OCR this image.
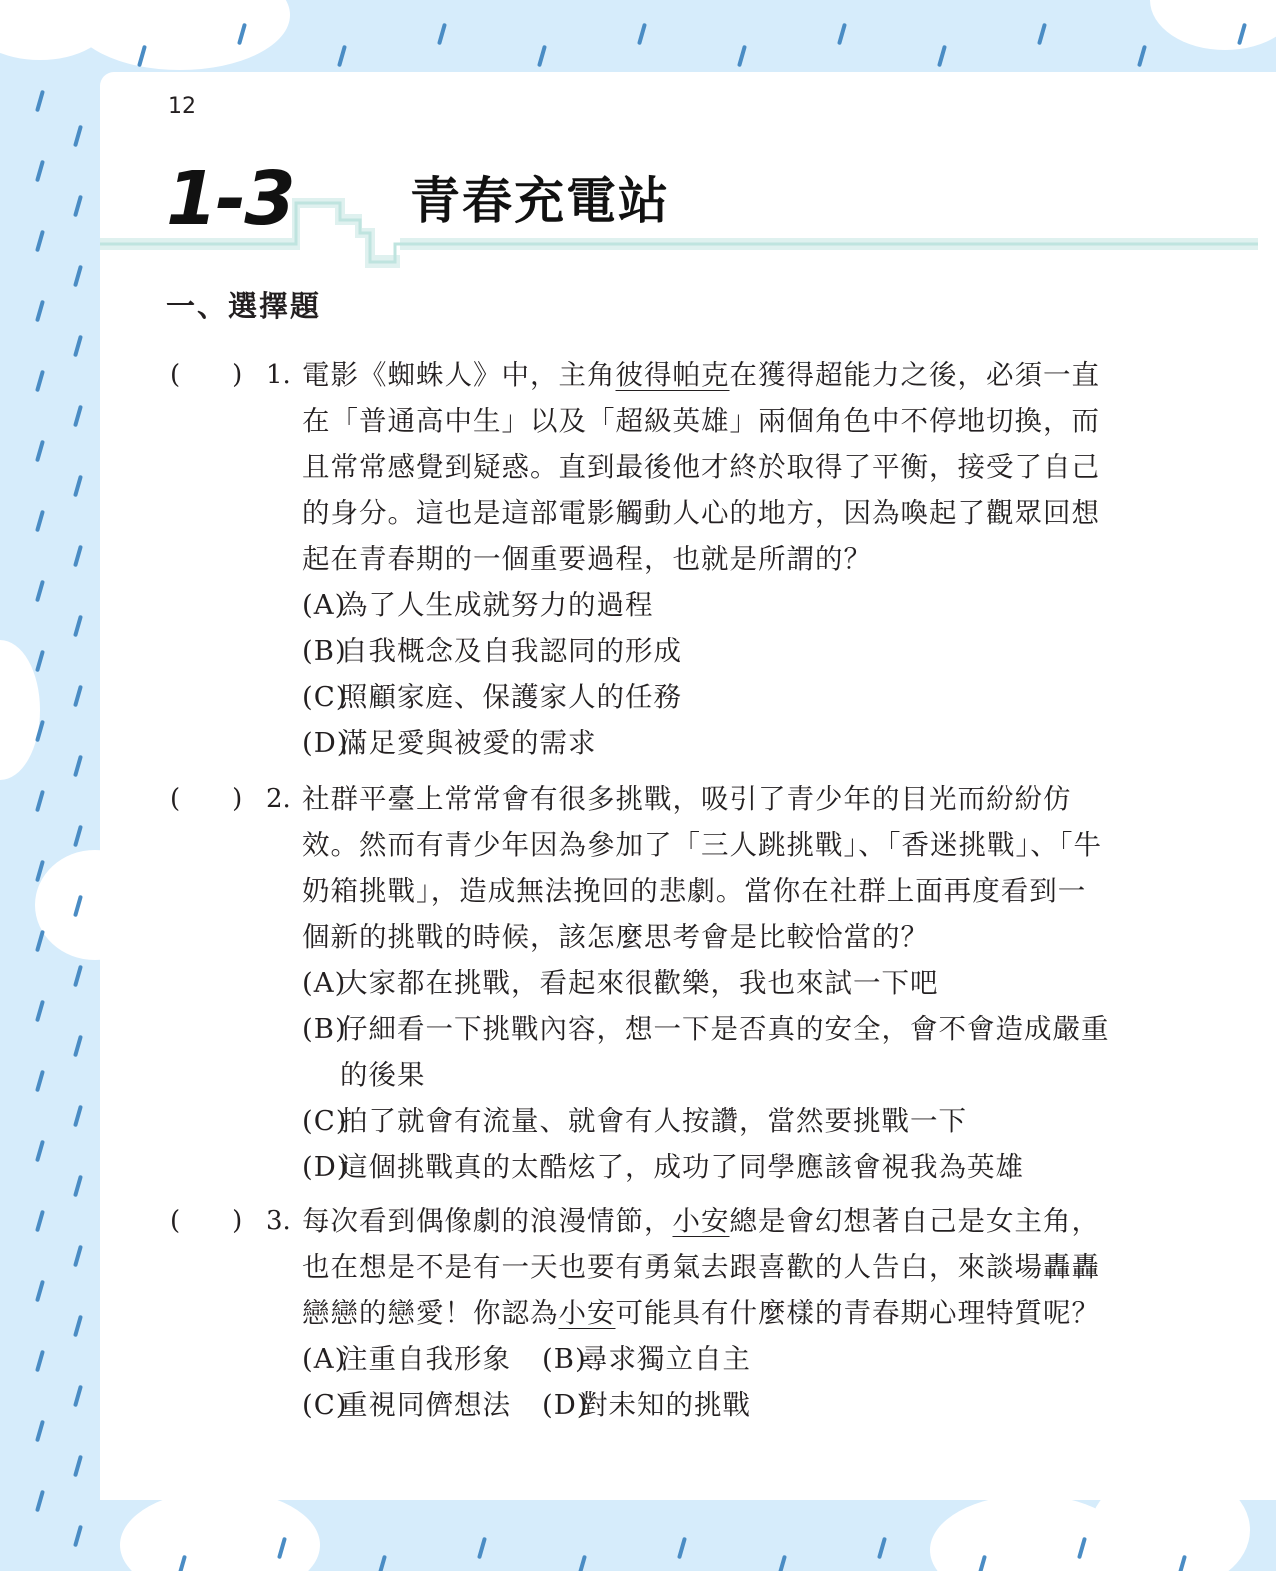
12
1-3 青春充電站
一、選擇題
(　　) 1. 電影《蜘蛛人》中，主角彼得帕克在獲得超能力之後，必須一直在「普通高中生」以及「超級英雄」兩個角色中不停地切換，而且常常感覺到疑惑。直到最後他才終於取得了平衡，接受了自己的身分。這也是這部電影觸動人心的地方，因為喚起了觀眾回想起在青春期的一個重要過程，也就是所謂的？

(A)
為了人生成就努力的過程
(B)
自我概念及自我認同的形成
(C)
照顧家庭、保護家人的任務
(D)
滿足愛與被愛的需求
(　　) 2. 社群平臺上常常會有很多挑戰，吸引了青少年的目光而紛紛仿效。然而有青少年因為參加了「三人跳挑戰」、「香迷挑戰」、「牛奶箱挑戰」，造成無法挽回的悲劇。當你在社群上面再度看到一個新的挑戰的時候，該怎麼思考會是比較恰當的？

(A)
大家都在挑戰，看起來很歡樂，我也來試一下吧
(B)
仔細看一下挑戰內容，想一下是否真的安全，會不會造成嚴重的後果
(C)
拍了就會有流量、就會有人按讚，當然要挑戰一下
(D)
這個挑戰真的太酷炫了，成功了同學應該會視我為英雄
(　　) 3. 每次看到偶像劇的浪漫情節，小安總是會幻想著自己是女主角，也在想是不是有一天也要有勇氣去跟喜歡的人告白，來談場轟轟戀戀的戀愛！你認為小安可能具有什麼樣的青春期心理特質呢？

(A)
注重自我形象 (B)
尋求獨立自主
(C)
重視同儕想法 (D)
對未知的挑戰
